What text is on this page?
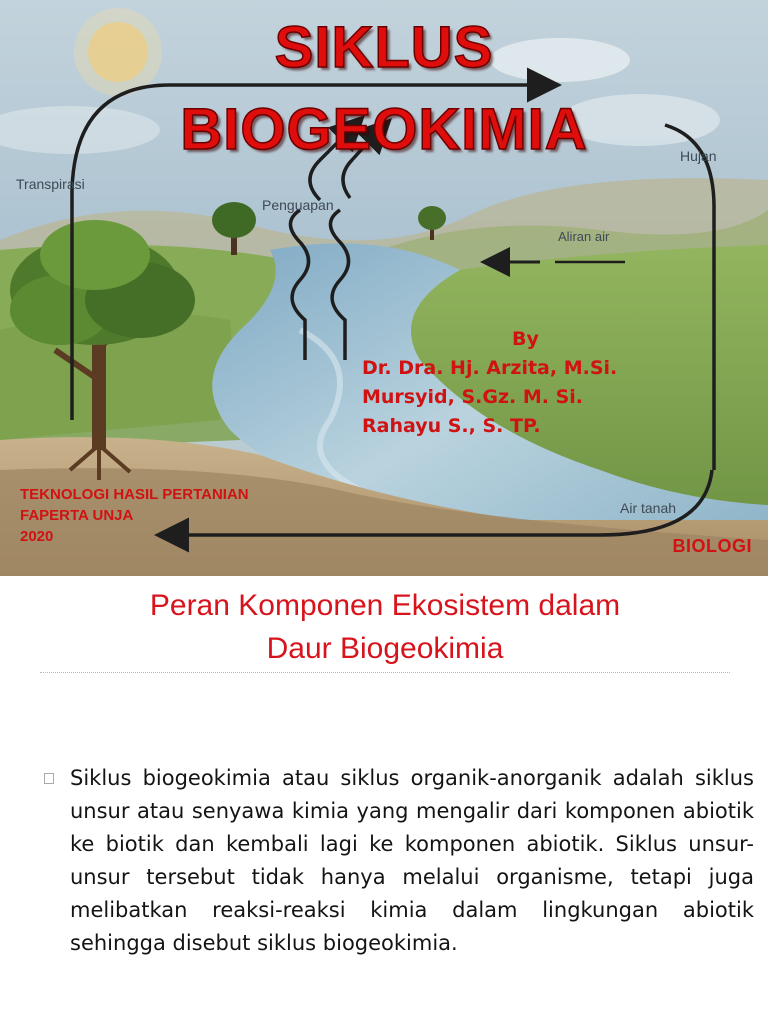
Transpirasi
Penguapan
Hujan
Aliran air
Air tanah
SIKLUS
BIOGEOKIMIA
By
Dr. Dra. Hj. Arzita, M.Si.
Mursyid, S.Gz. M. Si.
Rahayu S., S. TP.
TEKNOLOGI HASIL PERTANIAN
FAPERTA UNJA
2020	BIOLOGI
Peran Komponen Ekosistem dalam
Daur Biogeokimia
Siklus biogeokimia atau siklus organik-anorganik adalah siklus unsur atau senyawa kimia yang mengalir dari komponen abiotik ke biotik dan kembali lagi ke komponen abiotik. Siklus unsur-unsur tersebut tidak hanya melalui organisme, tetapi juga melibatkan reaksi-reaksi kimia dalam lingkungan abiotik sehingga disebut siklus biogeokimia.
